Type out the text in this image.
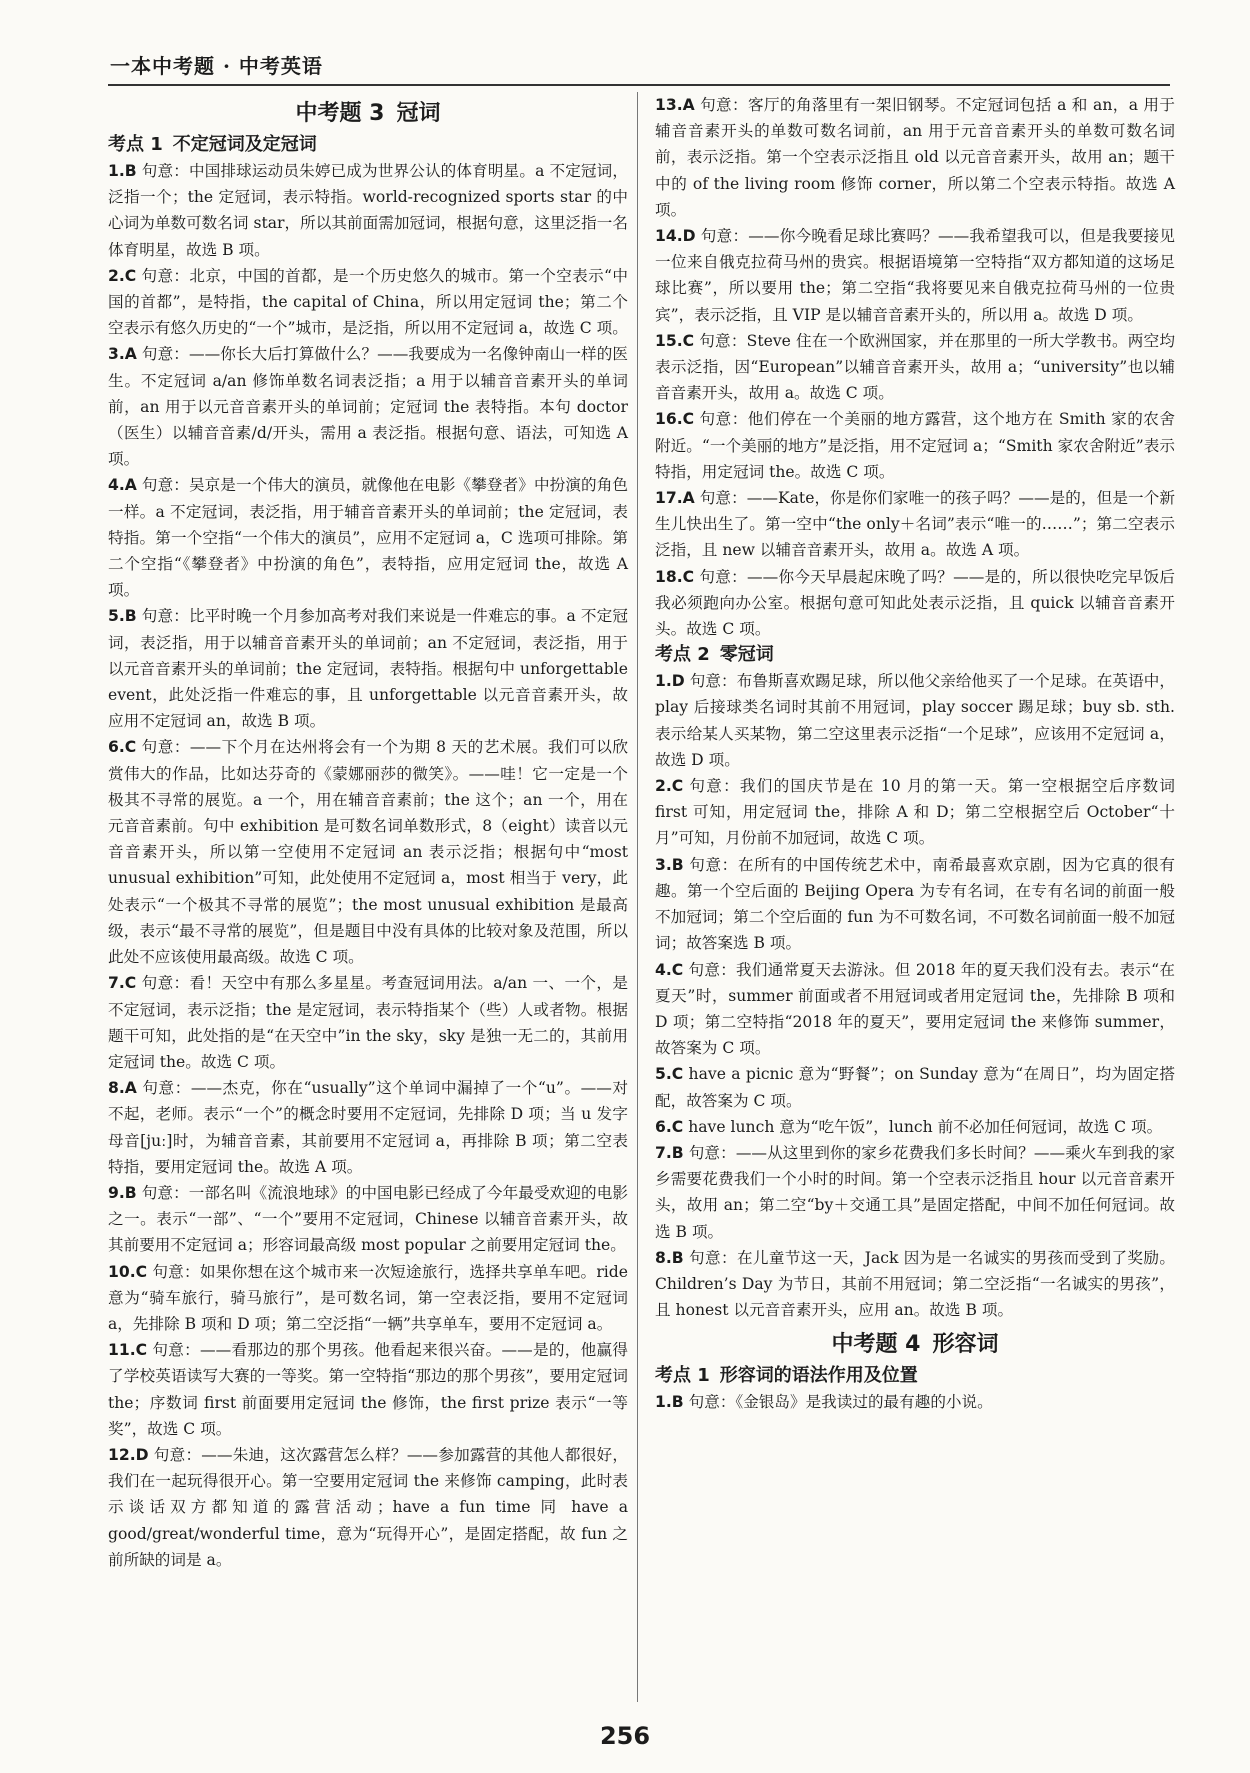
一本中考题 · 中考英语
中考题 3 冠词
考点 1 不定冠词及定冠词

1.B 句意：中国排球运动员朱婷已成为世界公认的体育明星。a 不定冠词，泛指一个；the 定冠词，表示特指。world-recognized sports star 的中心词为单数可数名词 star，所以其前面需加冠词，根据句意，这里泛指一名体育明星，故选 B 项。

2.C 句意：北京，中国的首都，是一个历史悠久的城市。第一个空表示“中国的首都”，是特指，the capital of China，所以用定冠词 the；第二个空表示有悠久历史的“一个”城市，是泛指，所以用不定冠词 a，故选 C 项。

3.A 句意：——你长大后打算做什么？——我要成为一名像钟南山一样的医生。不定冠词 a/an 修饰单数名词表泛指；a 用于以辅音音素开头的单词前，an 用于以元音音素开头的单词前；定冠词 the 表特指。本句 doctor（医生）以辅音音素/d/开头，需用 a 表泛指。根据句意、语法，可知选 A 项。

4.A 句意：吴京是一个伟大的演员，就像他在电影《攀登者》中扮演的角色一样。a 不定冠词，表泛指，用于辅音音素开头的单词前；the 定冠词，表特指。第一个空指“一个伟大的演员”，应用不定冠词 a，C 选项可排除。第二个空指“《攀登者》中扮演的角色”，表特指，应用定冠词 the，故选 A 项。

5.B 句意：比平时晚一个月参加高考对我们来说是一件难忘的事。a 不定冠词，表泛指，用于以辅音音素开头的单词前；an 不定冠词，表泛指，用于以元音音素开头的单词前；the 定冠词，表特指。根据句中 unforgettable event，此处泛指一件难忘的事，且 unforgettable 以元音音素开头，故应用不定冠词 an，故选 B 项。

6.C 句意：——下个月在达州将会有一个为期 8 天的艺术展。我们可以欣赏伟大的作品，比如达芬奇的《蒙娜丽莎的微笑》。——哇！它一定是一个极其不寻常的展览。a 一个，用在辅音音素前；the 这个；an 一个，用在元音音素前。句中 exhibition 是可数名词单数形式，8（eight）读音以元音音素开头，所以第一空使用不定冠词 an 表示泛指；根据句中“most unusual exhibition”可知，此处使用不定冠词 a，most 相当于 very，此处表示“一个极其不寻常的展览”；the most unusual exhibition 是最高级，表示“最不寻常的展览”，但是题目中没有具体的比较对象及范围，所以此处不应该使用最高级。故选 C 项。

7.C 句意：看！天空中有那么多星星。考查冠词用法。a/an 一、一个，是不定冠词，表示泛指；the 是定冠词，表示特指某个（些）人或者物。根据题干可知，此处指的是“在天空中”in the sky，sky 是独一无二的，其前用定冠词 the。故选 C 项。

8.A 句意：——杰克，你在“usually”这个单词中漏掉了一个“u”。——对不起，老师。表示“一个”的概念时要用不定冠词，先排除 D 项；当 u 发字母音[juː]时，为辅音音素，其前要用不定冠词 a，再排除 B 项；第二空表特指，要用定冠词 the。故选 A 项。

9.B 句意：一部名叫《流浪地球》的中国电影已经成了今年最受欢迎的电影之一。表示“一部”、“一个”要用不定冠词，Chinese 以辅音音素开头，故其前要用不定冠词 a；形容词最高级 most popular 之前要用定冠词 the。

10.C 句意：如果你想在这个城市来一次短途旅行，选择共享单车吧。ride 意为“骑车旅行，骑马旅行”，是可数名词，第一空表泛指，要用不定冠词 a，先排除 B 项和 D 项；第二空泛指“一辆”共享单车，要用不定冠词 a。

11.C 句意：——看那边的那个男孩。他看起来很兴奋。——是的，他赢得了学校英语读写大赛的一等奖。第一空特指“那边的那个男孩”，要用定冠词 the；序数词 first 前面要用定冠词 the 修饰，the first prize 表示“一等奖”，故选 C 项。

12.D 句意：——朱迪，这次露营怎么样？——参加露营的其他人都很好，我们在一起玩得很开心。第一空要用定冠词 the 来修饰 camping，此时表示谈话双方都知道的露营活动；have a fun time 同 have a good/great/wonderful time，意为“玩得开心”，是固定搭配，故 fun 之前所缺的词是 a。

13.A 句意：客厅的角落里有一架旧钢琴。不定冠词包括 a 和 an，a 用于辅音音素开头的单数可数名词前，an 用于元音音素开头的单数可数名词前，表示泛指。第一个空表示泛指且 old 以元音音素开头，故用 an；题干中的 of the living room 修饰 corner，所以第二个空表示特指。故选 A 项。

14.D 句意：——你今晚看足球比赛吗？——我希望我可以，但是我要接见一位来自俄克拉荷马州的贵宾。根据语境第一空特指“双方都知道的这场足球比赛”，所以要用 the；第二空指“我将要见来自俄克拉荷马州的一位贵宾”，表示泛指，且 VIP 是以辅音音素开头的，所以用 a。故选 D 项。

15.C 句意：Steve 住在一个欧洲国家，并在那里的一所大学教书。两空均表示泛指，因“European”以辅音音素开头，故用 a；“university”也以辅音音素开头，故用 a。故选 C 项。

16.C 句意：他们停在一个美丽的地方露营，这个地方在 Smith 家的农舍附近。“一个美丽的地方”是泛指，用不定冠词 a；“Smith 家农舍附近”表示特指，用定冠词 the。故选 C 项。

17.A 句意：——Kate，你是你们家唯一的孩子吗？——是的，但是一个新生儿快出生了。第一空中“the only＋名词”表示“唯一的……”；第二空表示泛指，且 new 以辅音音素开头，故用 a。故选 A 项。

18.C 句意：——你今天早晨起床晚了吗？——是的，所以很快吃完早饭后我必须跑向办公室。根据句意可知此处表示泛指，且 quick 以辅音音素开头。故选 C 项。

考点 2 零冠词

1.D 句意：布鲁斯喜欢踢足球，所以他父亲给他买了一个足球。在英语中，play 后接球类名词时其前不用冠词，play soccer 踢足球；buy sb. sth. 表示给某人买某物，第二空这里表示泛指“一个足球”，应该用不定冠词 a，故选 D 项。

2.C 句意：我们的国庆节是在 10 月的第一天。第一空根据空后序数词 first 可知，用定冠词 the，排除 A 和 D；第二空根据空后 October“十月”可知，月份前不加冠词，故选 C 项。

3.B 句意：在所有的中国传统艺术中，南希最喜欢京剧，因为它真的很有趣。第一个空后面的 Beijing Opera 为专有名词，在专有名词的前面一般不加冠词；第二个空后面的 fun 为不可数名词，不可数名词前面一般不加冠词；故答案选 B 项。

4.C 句意：我们通常夏天去游泳。但 2018 年的夏天我们没有去。表示“在夏天”时，summer 前面或者不用冠词或者用定冠词 the，先排除 B 项和 D 项；第二空特指“2018 年的夏天”，要用定冠词 the 来修饰 summer，故答案为 C 项。

5.C have a picnic 意为“野餐”；on Sunday 意为“在周日”，均为固定搭配，故答案为 C 项。

6.C have lunch 意为“吃午饭”，lunch 前不必加任何冠词，故选 C 项。

7.B 句意：——从这里到你的家乡花费我们多长时间？——乘火车到我的家乡需要花费我们一个小时的时间。第一个空表示泛指且 hour 以元音音素开头，故用 an；第二空“by＋交通工具”是固定搭配，中间不加任何冠词。故选 B 项。

8.B 句意：在儿童节这一天，Jack 因为是一名诚实的男孩而受到了奖励。Children’s Day 为节日，其前不用冠词；第二空泛指“一名诚实的男孩”，且 honest 以元音音素开头，应用 an。故选 B 项。

中考题 4 形容词
考点 1 形容词的语法作用及位置

1.B 句意：《金银岛》是我读过的最有趣的小说。

256
